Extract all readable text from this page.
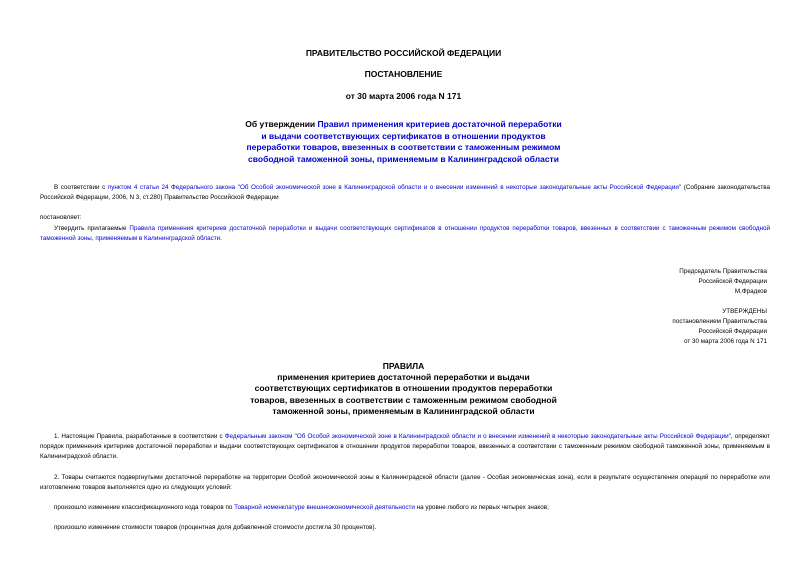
ПРАВИТЕЛЬСТВО РОССИЙСКОЙ ФЕДЕРАЦИИ
ПОСТАНОВЛЕНИЕ
от 30 марта 2006 года N 171
Об утверждении Правил применения критериев достаточной переработки
и выдачи соответствующих сертификатов в отношении продуктов
переработки товаров, ввезенных в соответствии с таможенным режимом
свободной таможенной зоны, применяемым в Калининградской области
В соответствии с пунктом 4 статьи 24 Федерального закона "Об Особой экономической зоне в Калининградской области и о внесении изменений в некоторые законодательные акты Российской Федерации" (Собрание законодательства Российской Федерации, 2006, N 3, ст.280) Правительство Российской Федерации
постановляет:
Утвердить прилагаемые Правила применения критериев достаточной переработки и выдачи соответствующих сертификатов в отношении продуктов переработки товаров, ввезенных в соответствии с таможенным режимом свободной таможенной зоны, применяемым в Калининградской области.
Председатель Правительства
Российской Федерации
М.Фрадков
УТВЕРЖДЕНЫ
постановлением Правительства
Российской Федерации
от 30 марта 2006 года N 171
ПРАВИЛА
применения критериев достаточной переработки и выдачи
соответствующих сертификатов в отношении продуктов переработки
товаров, ввезенных в соответствии с таможенным режимом свободной
таможенной зоны, применяемым в Калининградской области
1. Настоящие Правила, разработанные в соответствии с Федеральным законом "Об Особой экономической зоне в Калининградской области и о внесении изменений в некоторые законодательные акты Российской Федерации", определяют порядок применения критериев достаточной переработки и выдачи соответствующих сертификатов в отношении продуктов переработки товаров, ввезенных в соответствии с таможенным режимом свободной таможенной зоны, применяемым в Калининградской области.
2. Товары считаются подвергнутыми достаточной переработке на территории Особой экономической зоны в Калининградской области (далее - Особая экономическая зона), если в результате осуществления операций по переработке или изготовлению товаров выполняется одно из следующих условий:
произошло изменение классификационного кода товаров по Товарной номенклатуре внешнеэкономической деятельности на уровне любого из первых четырех знаков;
произошло изменение стоимости товаров (процентная доля добавленной стоимости достигла 30 процентов).
